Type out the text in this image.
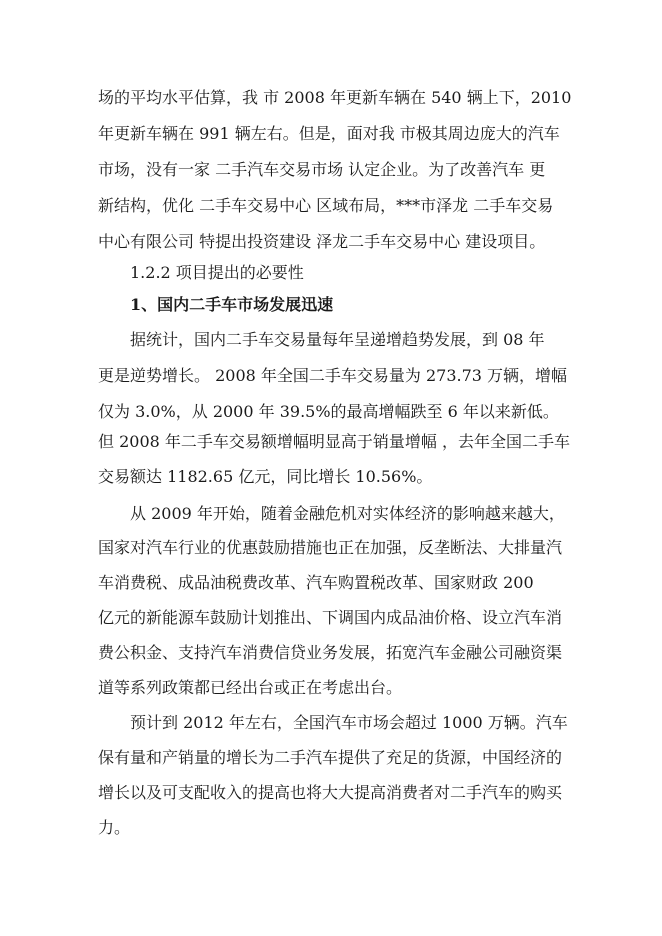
场的平均水平估算，我 市 2008 年更新车辆在 540 辆上下，2010
年更新车辆在 991 辆左右。但是，面对我 市极其周边庞大的汽车
市场，没有一家 二手汽车交易市场 认定企业。为了改善汽车 更
新结构，优化 二手车交易中心 区域布局，***市泽龙 二手车交易
中心有限公司 特提出投资建设 泽龙二手车交易中心 建设项目。
1.2.2 项目提出的必要性
1、国内二手车市场发展迅速
据统计，国内二手车交易量每年呈递增趋势发展，到 08 年
更是逆势增长。 2008 年全国二手车交易量为 273.73 万辆，增幅
仅为 3.0%，从 2000 年 39.5%的最高增幅跌至 6 年以来新低。
但 2008 年二手车交易额增幅明显高于销量增幅 ，去年全国二手车
交易额达 1182.65 亿元，同比增长 10.56%。
从 2009 年开始，随着金融危机对实体经济的影响越来越大，
国家对汽车行业的优惠鼓励措施也正在加强，反垄断法、大排量汽
车消费税、成品油税费改革、汽车购置税改革、国家财政 200
亿元的新能源车鼓励计划推出、下调国内成品油价格、设立汽车消
费公积金、支持汽车消费信贷业务发展，拓宽汽车金融公司融资渠
道等系列政策都已经出台或正在考虑出台。
预计到 2012 年左右，全国汽车市场会超过 1000 万辆。汽车
保有量和产销量的增长为二手汽车提供了充足的货源，中国经济的
增长以及可支配收入的提高也将大大提高消费者对二手汽车的购买
力。
